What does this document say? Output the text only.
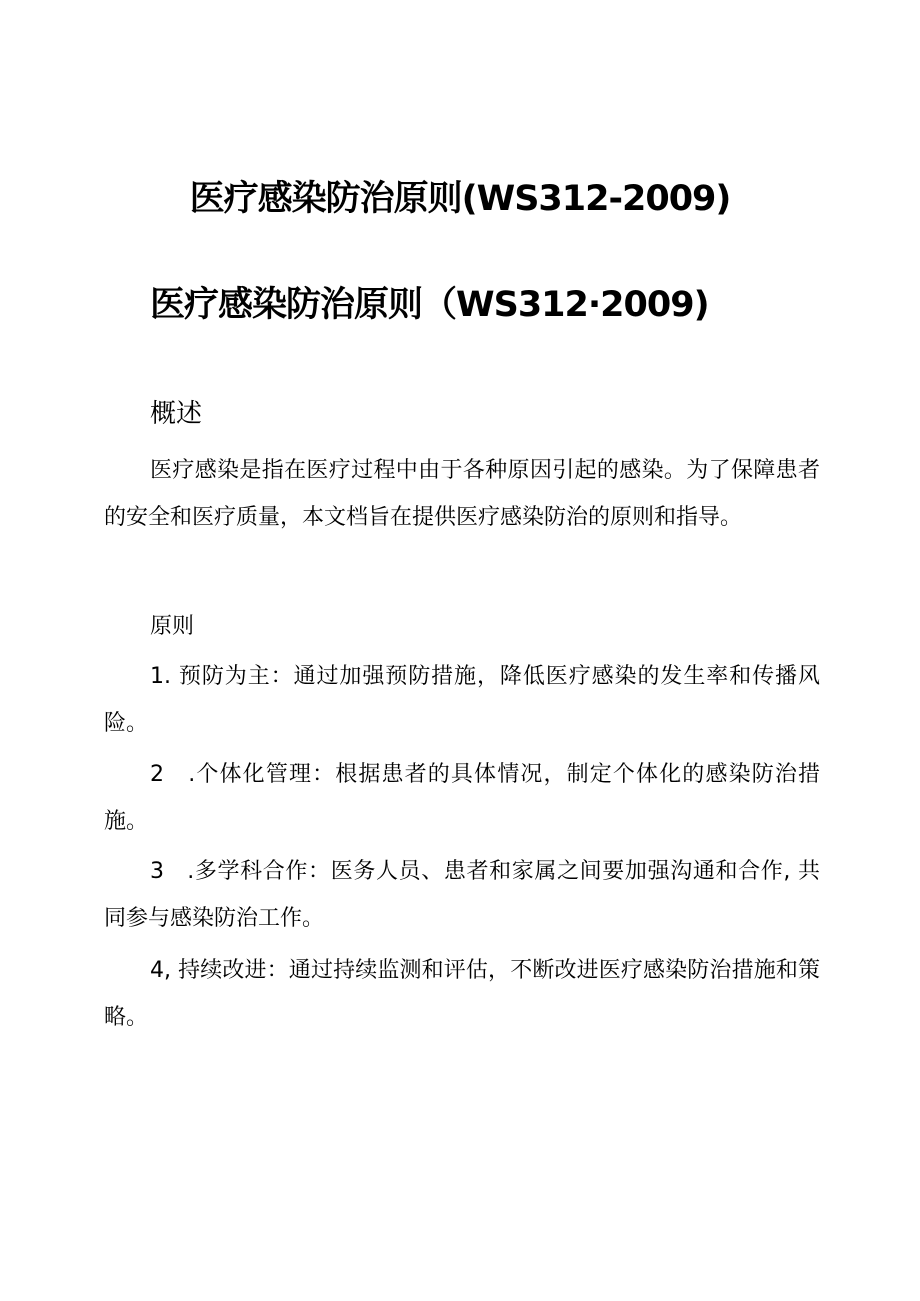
医疗感染防治原则(WS312-2009)
医疗感染防治原则（WS312·2009)
概述

医疗感染是指在医疗过程中由于各种原因引起的感染。为了保障患者的安全和医疗质量，本文档旨在提供医疗感染防治的原则和指导。

原则

1. 预防为主：通过加强预防措施，降低医疗感染的发生率和传播风险。

2　.个体化管理：根据患者的具体情况，制定个体化的感染防治措施。

3　.多学科合作：医务人员、患者和家属之间要加强沟通和合作, 共同参与感染防治工作。

4, 持续改进：通过持续监测和评估，不断改进医疗感染防治措施和策略。
